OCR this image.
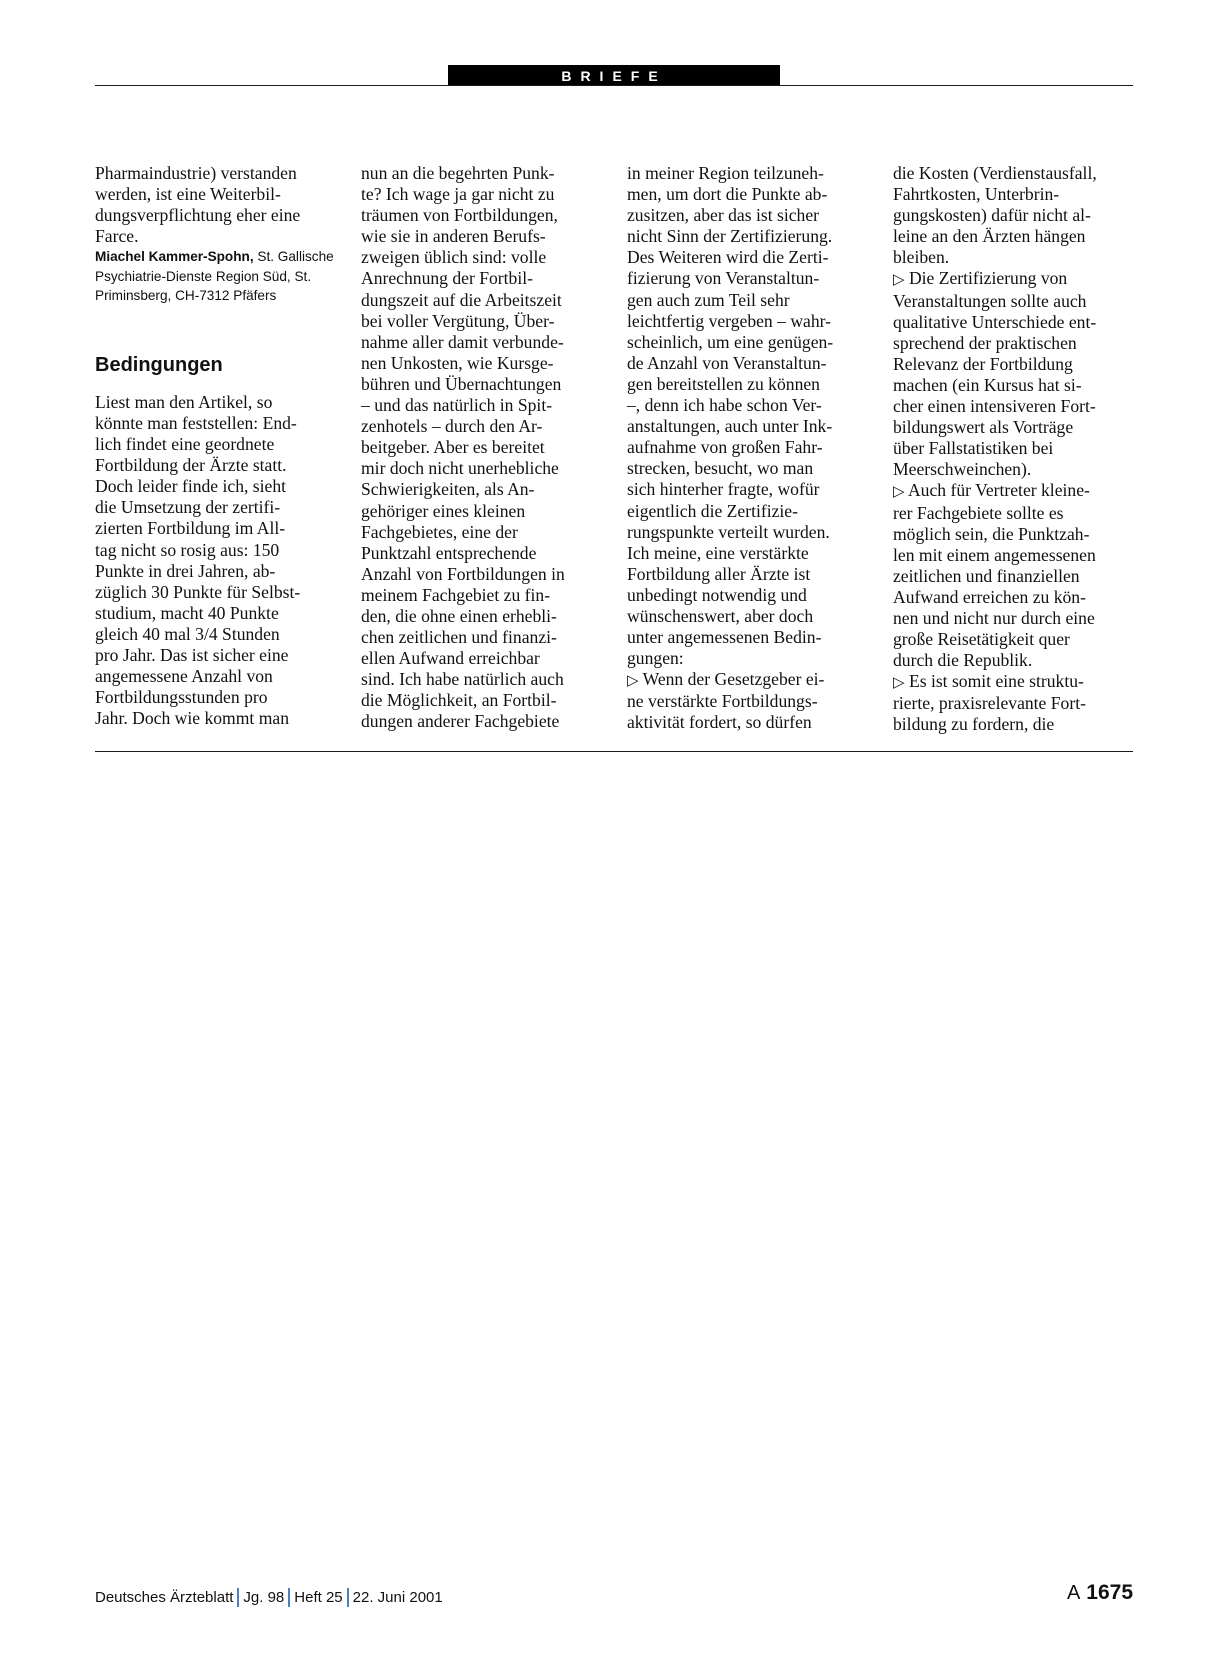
BRIEFE
Pharmaindustrie) verstanden
werden, ist eine Weiterbil-
dungsverpflichtung eher eine
Farce.
Miachel Kammer-Spohn, St. Gallische
Psychiatrie-Dienste Region Süd, St.
Priminsberg, CH-7312 Pfäfers
Bedingungen
Liest man den Artikel, so
könnte man feststellen: End-
lich findet eine geordnete
Fortbildung der Ärzte statt.
Doch leider finde ich, sieht
die Umsetzung der zertifi-
zierten Fortbildung im All-
tag nicht so rosig aus: 150
Punkte in drei Jahren, ab-
züglich 30 Punkte für Selbst-
studium, macht 40 Punkte
gleich 40 mal 3/4 Stunden
pro Jahr. Das ist sicher eine
angemessene Anzahl von
Fortbildungsstunden pro
Jahr. Doch wie kommt man
nun an die begehrten Punk-
te? Ich wage ja gar nicht zu
träumen von Fortbildungen,
wie sie in anderen Berufs-
zweigen üblich sind: volle
Anrechnung der Fortbil-
dungszeit auf die Arbeitszeit
bei voller Vergütung, Über-
nahme aller damit verbunde-
nen Unkosten, wie Kursge-
bühren und Übernachtungen
– und das natürlich in Spit-
zenhotels – durch den Ar-
beitgeber. Aber es bereitet
mir doch nicht unerhebliche
Schwierigkeiten, als An-
gehöriger eines kleinen
Fachgebietes, eine der
Punktzahl entsprechende
Anzahl von Fortbildungen in
meinem Fachgebiet zu fin-
den, die ohne einen erhebli-
chen zeitlichen und finanzi-
ellen Aufwand erreichbar
sind. Ich habe natürlich auch
die Möglichkeit, an Fortbil-
dungen anderer Fachgebiete
in meiner Region teilzuneh-
men, um dort die Punkte ab-
zusitzen, aber das ist sicher
nicht Sinn der Zertifizierung.
Des Weiteren wird die Zerti-
fizierung von Veranstaltun-
gen auch zum Teil sehr
leichtfertig vergeben – wahr-
scheinlich, um eine genügen-
de Anzahl von Veranstaltun-
gen bereitstellen zu können
–, denn ich habe schon Ver-
anstaltungen, auch unter Ink-
aufnahme von großen Fahr-
strecken, besucht, wo man
sich hinterher fragte, wofür
eigentlich die Zertifizie-
rungspunkte verteilt wurden.
Ich meine, eine verstärkte
Fortbildung aller Ärzte ist
unbedingt notwendig und
wünschenswert, aber doch
unter angemessenen Bedin-
gungen:
▷ Wenn der Gesetzgeber ei-
ne verstärkte Fortbildungs-
aktivität fordert, so dürfen
die Kosten (Verdienstausfall,
Fahrtkosten, Unterbrin-
gungskosten) dafür nicht al-
leine an den Ärzten hängen
bleiben.
▷ Die Zertifizierung von
Veranstaltungen sollte auch
qualitative Unterschiede ent-
sprechend der praktischen
Relevanz der Fortbildung
machen (ein Kursus hat si-
cher einen intensiveren Fort-
bildungswert als Vorträge
über Fallstatistiken bei
Meerschweinchen).
▷ Auch für Vertreter kleine-
rer Fachgebiete sollte es
möglich sein, die Punktzah-
len mit einem angemessenen
zeitlichen und finanziellen
Aufwand erreichen zu kön-
nen und nicht nur durch eine
große Reisetätigkeit quer
durch die Republik.
▷ Es ist somit eine struktu-
rierte, praxisrelevante Fort-
bildung zu fordern, die
Deutsches Ärzteblatt Jg. 98 Heft 25 22. Juni 2001	A 1675
